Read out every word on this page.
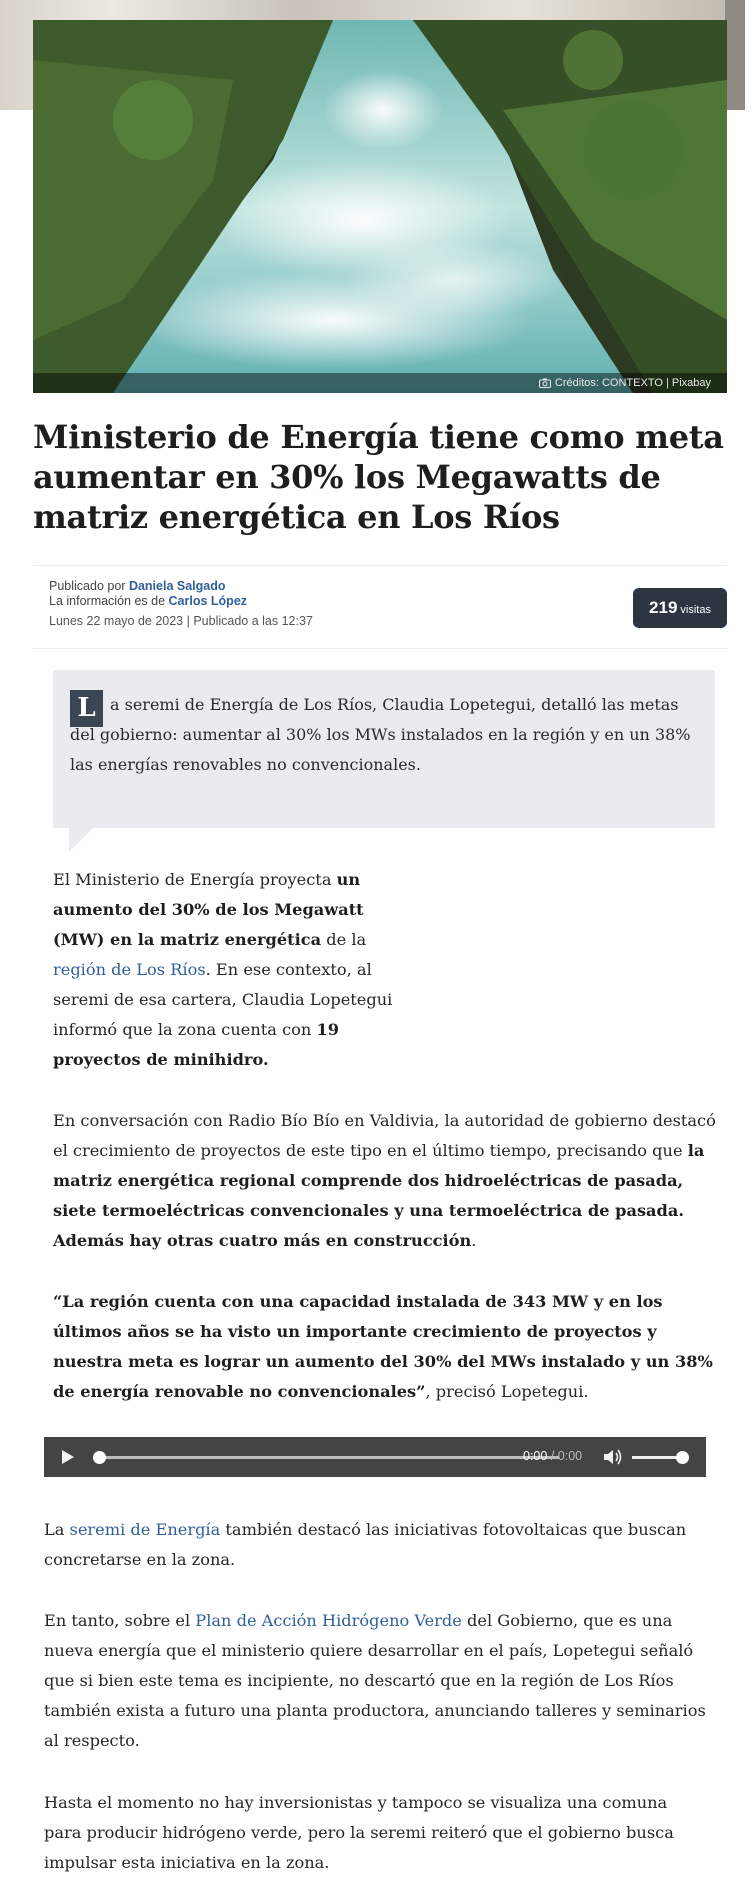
Créditos: CONTEXTO | Pixabay
Ministerio de Energía tiene como meta aumentar en 30% los Megawatts de matriz energética en Los Ríos
Publicado por Daniela Salgado
La información es de Carlos López
Lunes 22 mayo de 2023 | Publicado a las 12:37
219 visitas
L a seremi de Energía de Los Ríos, Claudia Lopetegui, detalló las metas del gobierno: aumentar al 30% los MWs instalados en la región y en un 38% las energías renovables no convencionales.

El Ministerio de Energía proyecta un aumento del 30% de los Megawatt (MW) en la matriz energética de la región de Los Ríos. En ese contexto, al seremi de esa cartera, Claudia Lopetegui informó que la zona cuenta con 19 proyectos de minihidro.

En conversación con Radio Bío Bío en Valdivia, la autoridad de gobierno destacó el crecimiento de proyectos de este tipo en el último tiempo, precisando que la matriz energética regional comprende dos hidroeléctricas de pasada, siete termoeléctricas convencionales y una termoeléctrica de pasada. Además hay otras cuatro más en construcción.

“La región cuenta con una capacidad instalada de 343 MW y en los últimos años se ha visto un importante crecimiento de proyectos y nuestra meta es lograr un aumento del 30% del MWs instalado y un 38% de energía renovable no convencionales”, precisó Lopetegui.

0:00 / 0:00

La seremi de Energía también destacó las iniciativas fotovoltaicas que buscan concretarse en la zona.

En tanto, sobre el Plan de Acción Hidrógeno Verde del Gobierno, que es una nueva energía que el ministerio quiere desarrollar en el país, Lopetegui señaló que si bien este tema es incipiente, no descartó que en la región de Los Ríos también exista a futuro una planta productora, anunciando talleres y seminarios al respecto.

Hasta el momento no hay inversionistas y tampoco se visualiza una comuna para producir hidrógeno verde, pero la seremi reiteró que el gobierno busca impulsar esta iniciativa en la zona.
